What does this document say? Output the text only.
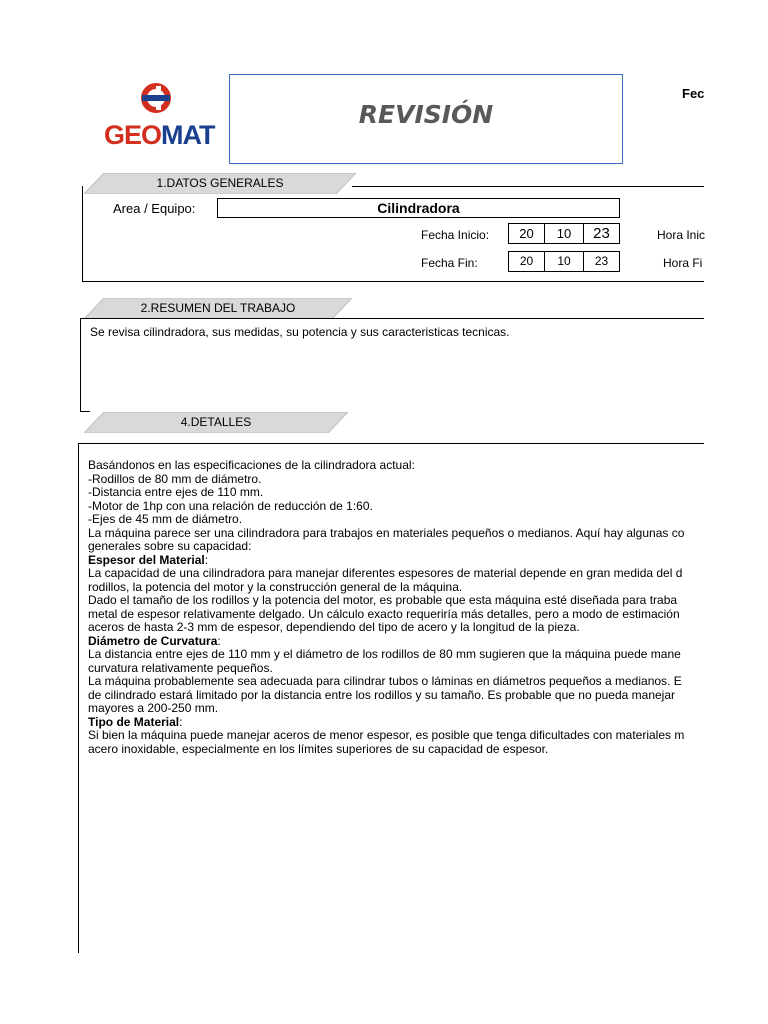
GEOMAT
REVISIÓN
Fec
1.DATOS GENERALES
Area / Equipo:	Cilindradora
Fecha Inicio:	20	10	23	Hora Inic
Fecha Fin:	20	10	23	Hora Fi
2.RESUMEN DEL TRABAJO
Se revisa cilindradora, sus medidas, su potencia y sus caracteristicas tecnicas.
4.DETALLES
Basándonos en las especificaciones de la cilindradora actual:
-Rodillos de 80 mm de diámetro.
-Distancia entre ejes de 110 mm.
-Motor de 1hp con una relación de reducción de 1:60.
-Ejes de 45 mm de diámetro.
La máquina parece ser una cilindradora para trabajos en materiales pequeños o medianos. Aquí hay algunas co
generales sobre su capacidad:
Espesor del Material:
La capacidad de una cilindradora para manejar diferentes espesores de material depende en gran medida del d
rodillos, la potencia del motor y la construcción general de la máquina.
Dado el tamaño de los rodillos y la potencia del motor, es probable que esta máquina esté diseñada para traba
metal de espesor relativamente delgado. Un cálculo exacto requeriría más detalles, pero a modo de estimación
aceros de hasta 2-3 mm de espesor, dependiendo del tipo de acero y la longitud de la pieza.
Diámetro de Curvatura:
La distancia entre ejes de 110 mm y el diámetro de los rodillos de 80 mm sugieren que la máquina puede mane
curvatura relativamente pequeños.
La máquina probablemente sea adecuada para cilindrar tubos o láminas en diámetros pequeños a medianos. E
de cilindrado estará limitado por la distancia entre los rodillos y su tamaño. Es probable que no pueda manejar
mayores a 200-250 mm.
Tipo de Material:
Si bien la máquina puede manejar aceros de menor espesor, es posible que tenga dificultades con materiales m
acero inoxidable, especialmente en los límites superiores de su capacidad de espesor.
